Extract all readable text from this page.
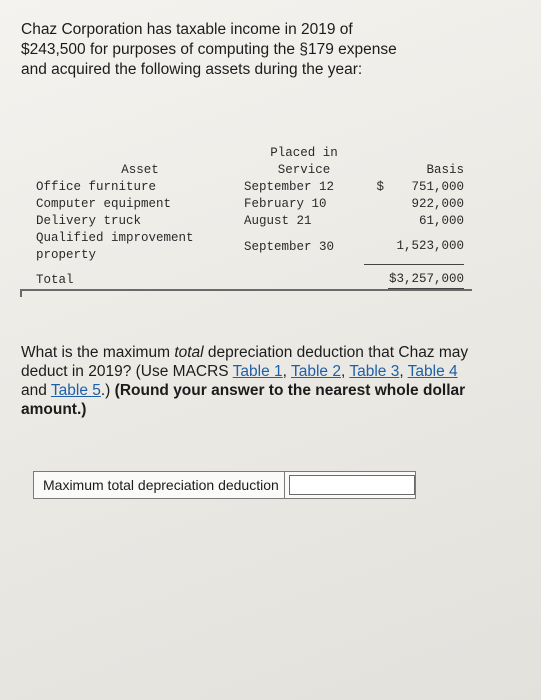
Chaz Corporation has taxable income in 2019 of
$243,500 for purposes of computing the §179 expense
and acquired the following assets during the year:
	Placed in		
Asset	Service		Basis
Office furniture	September 12	$	751,000
Computer equipment	February 10		922,000
Delivery truck	August 21		61,000

Qualified improvement
property	September 30		1,523,000
Total			$3,257,000
What is the maximum total depreciation deduction that Chaz may deduct in 2019? (Use MACRS Table 1, Table 2, Table 3, Table 4 and Table 5.) (Round your answer to the nearest whole dollar amount.)
Maximum total depreciation deduction
